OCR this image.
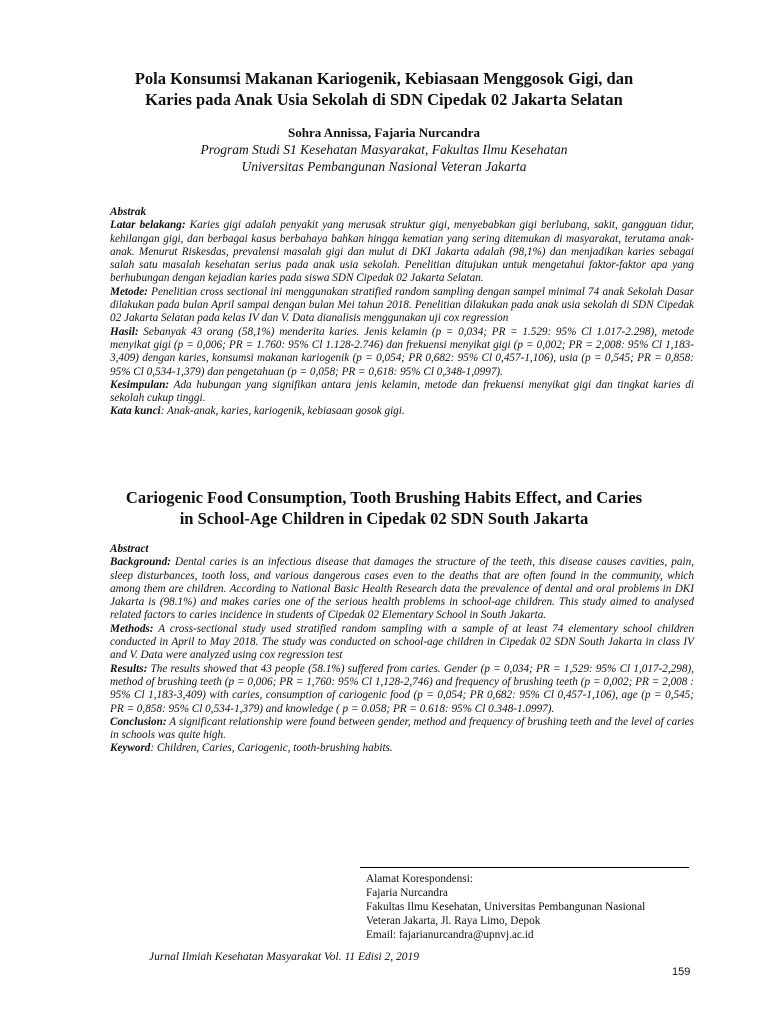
Pola Konsumsi Makanan Kariogenik, Kebiasaan Menggosok Gigi, dan
Karies pada Anak Usia Sekolah di SDN Cipedak 02 Jakarta Selatan
Sohra Annissa, Fajaria Nurcandra
Program Studi S1 Kesehatan Masyarakat, Fakultas Ilmu Kesehatan
Universitas Pembangunan Nasional Veteran Jakarta

Abstrak

Latar belakang: Karies gigi adalah penyakit yang merusak struktur gigi, menyebabkan gigi berlubang, sakit, gangguan tidur, kehilangan gigi, dan berbagai kasus berbahaya bahkan hingga kematian yang sering ditemukan di masyarakat, terutama anak-anak. Menurut Riskesdas, prevalensi masalah gigi dan mulut di DKI Jakarta adalah (98,1%) dan menjadikan karies sebagai salah satu masalah kesehatan serius pada anak usia sekolah. Penelitian ditujukan untuk mengetahui faktor-faktor apa yang berhubungan dengan kejadian karies pada siswa SDN Cipedak 02 Jakarta Selatan.

Metode: Penelitian cross sectional ini menggunakan stratified random sampling dengan sampel minimal 74 anak Sekolah Dasar dilakukan pada bulan April sampai dengan bulan Mei tahun 2018. Penelitian dilakukan pada anak usia sekolah di SDN Cipedak 02 Jakarta Selatan pada kelas IV dan V. Data dianalisis menggunakan uji cox regression

Hasil: Sebanyak 43 orang (58,1%) menderita karies. Jenis kelamin (p = 0,034; PR = 1.529: 95% Cl 1.017-2.298), metode menyikat gigi (p = 0,006; PR = 1.760: 95% Cl 1.128-2.746) dan frekuensi menyikat gigi (p = 0,002; PR = 2,008: 95% Cl 1,183-3,409) dengan karies, konsumsi makanan kariogenik (p = 0,054; PR 0,682: 95% Cl 0,457-1,106), usia (p = 0,545; PR = 0,858: 95% Cl 0,534-1,379) dan pengetahuan (p = 0,058; PR = 0,618: 95% Cl 0,348-1,0997).

Kesimpulan: Ada hubungan yang signifikan antara jenis kelamin, metode dan frekuensi menyikat gigi dan tingkat karies di sekolah cukup tinggi.

Kata kunci: Anak-anak, karies, kariogenik, kebiasaan gosok gigi.

Cariogenic Food Consumption, Tooth Brushing Habits Effect, and Caries
in School-Age Children in Cipedak 02 SDN South Jakarta

Abstract

Background: Dental caries is an infectious disease that damages the structure of the teeth, this disease causes cavities, pain, sleep disturbances, tooth loss, and various dangerous cases even to the deaths that are often found in the community, which among them are children. According to National Basic Health Research data the prevalence of dental and oral problems in DKI Jakarta is (98.1%) and makes caries one of the serious health problems in school-age children. This study aimed to analysed related factors to caries incidence in students of Cipedak 02 Elementary School in South Jakarta.

Methods: A cross-sectional study used stratified random sampling with a sample of at least 74 elementary school children conducted in April to May 2018. The study was conducted on school-age children in Cipedak 02 SDN South Jakarta in class IV and V. Data were analyzed using cox regression test

Results: The results showed that 43 people (58.1%) suffered from caries. Gender (p = 0,034; PR = 1,529: 95% Cl 1,017-2,298), method of brushing teeth (p = 0,006; PR = 1,760: 95% Cl 1,128-2,746) and frequency of brushing teeth (p = 0,002; PR = 2,008 : 95% Cl 1,183-3,409) with caries, consumption of cariogenic food (p = 0,054; PR 0,682: 95% Cl 0,457-1,106), age (p = 0,545; PR = 0,858: 95% Cl 0,534-1,379) and knowledge ( p = 0.058; PR = 0.618: 95% Cl 0.348-1.0997).

Conclusion: A significant relationship were found between gender, method and frequency of brushing teeth and the level of caries in schools was quite high.

Keyword: Children, Caries, Cariogenic, tooth-brushing habits.

Alamat Korespondensi:
Fajaria Nurcandra
Fakultas Ilmu Kesehatan, Universitas Pembangunan Nasional
Veteran Jakarta, Jl. Raya Limo, Depok
Email: fajarianurcandra@upnvj.ac.id
Jurnal Ilmiah Kesehatan Masyarakat Vol. 11 Edisi 2, 2019
159
